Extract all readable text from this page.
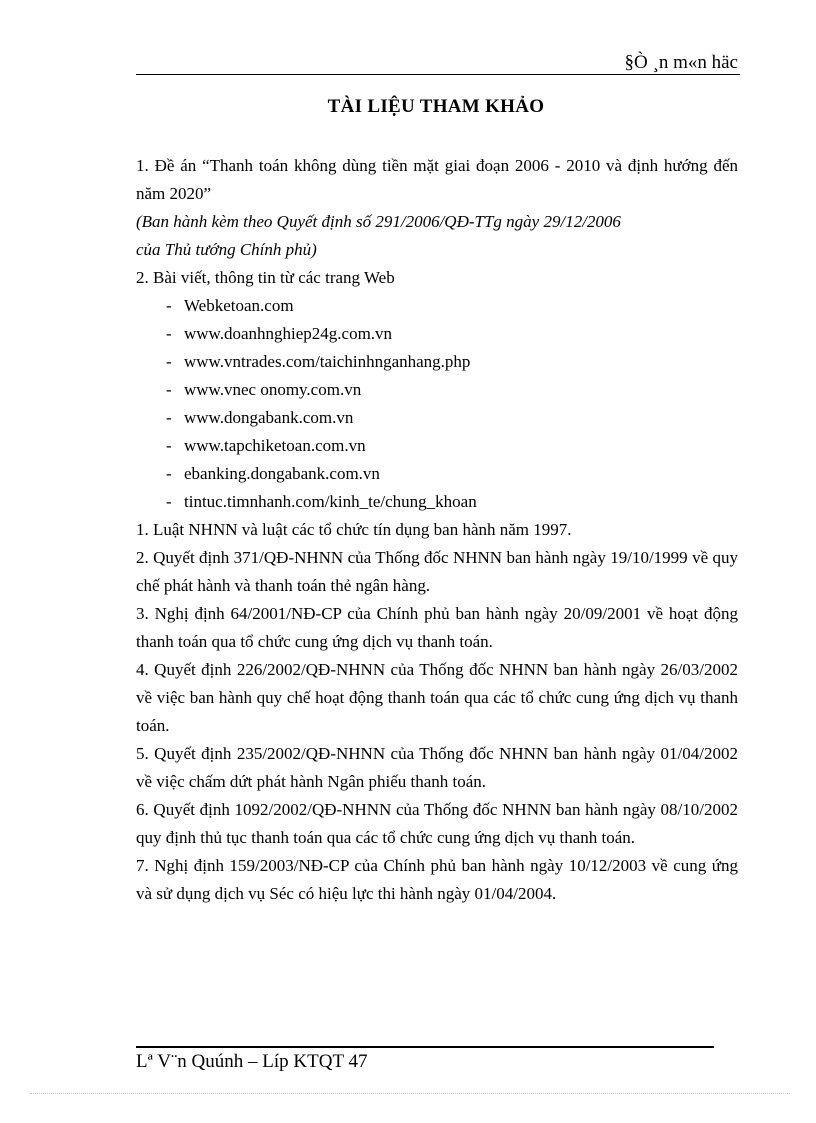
§Ò ¸n m«n häc
TÀI LIỆU THAM KHẢO

1. Đề án “Thanh toán không dùng tiền mặt giai đoạn 2006 - 2010 và định hướng đến năm 2020”

(Ban hành kèm theo Quyết định số 291/2006/QĐ-TTg ngày 29/12/2006

của Thủ tướng Chính phủ)

2. Bài viết, thông tin từ các trang Web

- Webketoan.com
- www.doanhnghiep24g.com.vn
- www.vntrades.com/taichinhnganhang.php
- www.vnec onomy.com.vn
- www.dongabank.com.vn
- www.tapchiketoan.com.vn
- ebanking.dongabank.com.vn
- tintuc.timnhanh.com/kinh_te/chung_khoan

1. Luật NHNN và luật các tổ chức tín dụng ban hành năm 1997.

2. Quyết định 371/QĐ-NHNN của Thống đốc NHNN ban hành ngày 19/10/1999 về quy chế phát hành và thanh toán thẻ ngân hàng.

3. Nghị định 64/2001/NĐ-CP của Chính phủ ban hành ngày 20/09/2001 về hoạt động thanh toán qua tổ chức cung ứng dịch vụ thanh toán.

4. Quyết định 226/2002/QĐ-NHNN của Thống đốc NHNN ban hành ngày 26/03/2002 về việc ban hành quy chế hoạt động thanh toán qua các tổ chức cung ứng dịch vụ thanh toán.

5. Quyết định 235/2002/QĐ-NHNN của Thống đốc NHNN ban hành ngày 01/04/2002 về việc chấm dứt phát hành Ngân phiếu thanh toán.

6. Quyết định 1092/2002/QĐ-NHNN của Thống đốc NHNN ban hành ngày 08/10/2002 quy định thủ tục thanh toán qua các tổ chức cung ứng dịch vụ thanh toán.

7. Nghị định 159/2003/NĐ-CP của Chính phủ ban hành ngày 10/12/2003 về cung ứng và sử dụng dịch vụ Séc có hiệu lực thi hành ngày 01/04/2004.

Lª V¨n Quúnh – Líp KTQT 47
